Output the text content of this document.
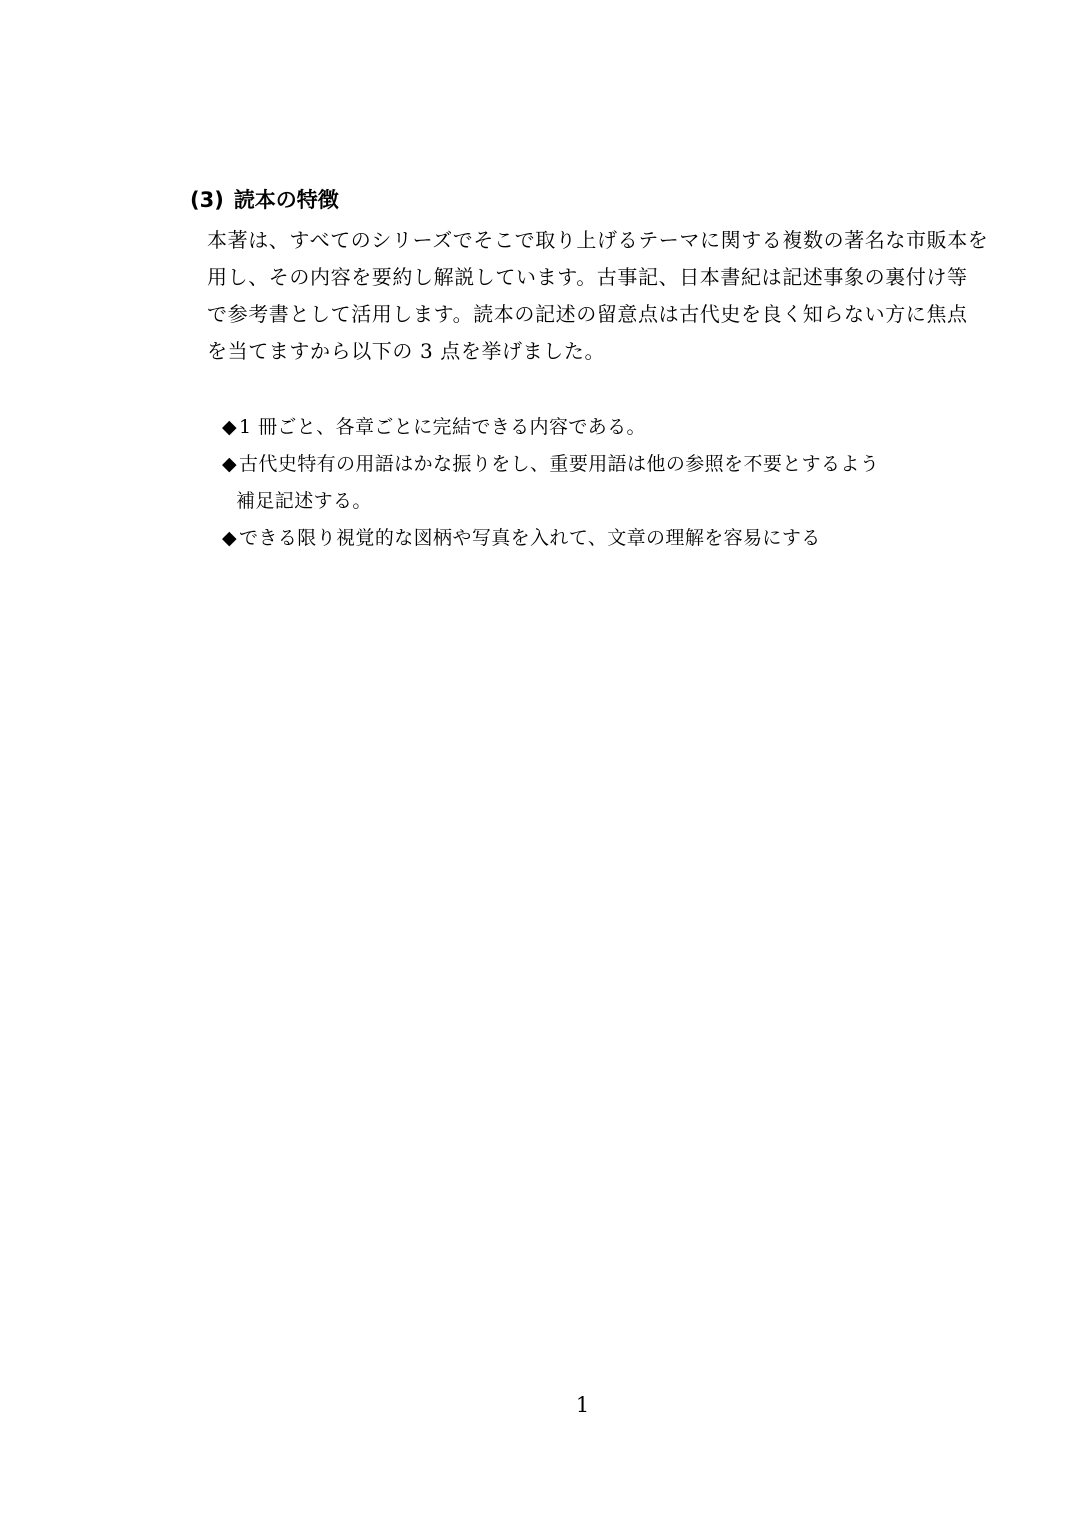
(3) 読本の特徴
本著は、すべてのシリーズでそこで取り上げるテーマに関する複数の著名な市販本を
用し、その内容を要約し解説しています。古事記、日本書紀は記述事象の裏付け等
で参考書として活用します。読本の記述の留意点は古代史を良く知らない方に焦点
を当てますから以下の 3 点を挙げました。
◆ 1 冊ごと、各章ごとに完結できる内容である。
◆ 古代史特有の用語はかな振りをし、重要用語は他の参照を不要とするよう
補足記述する。
◆ できる限り視覚的な図柄や写真を入れて、文章の理解を容易にする
1
